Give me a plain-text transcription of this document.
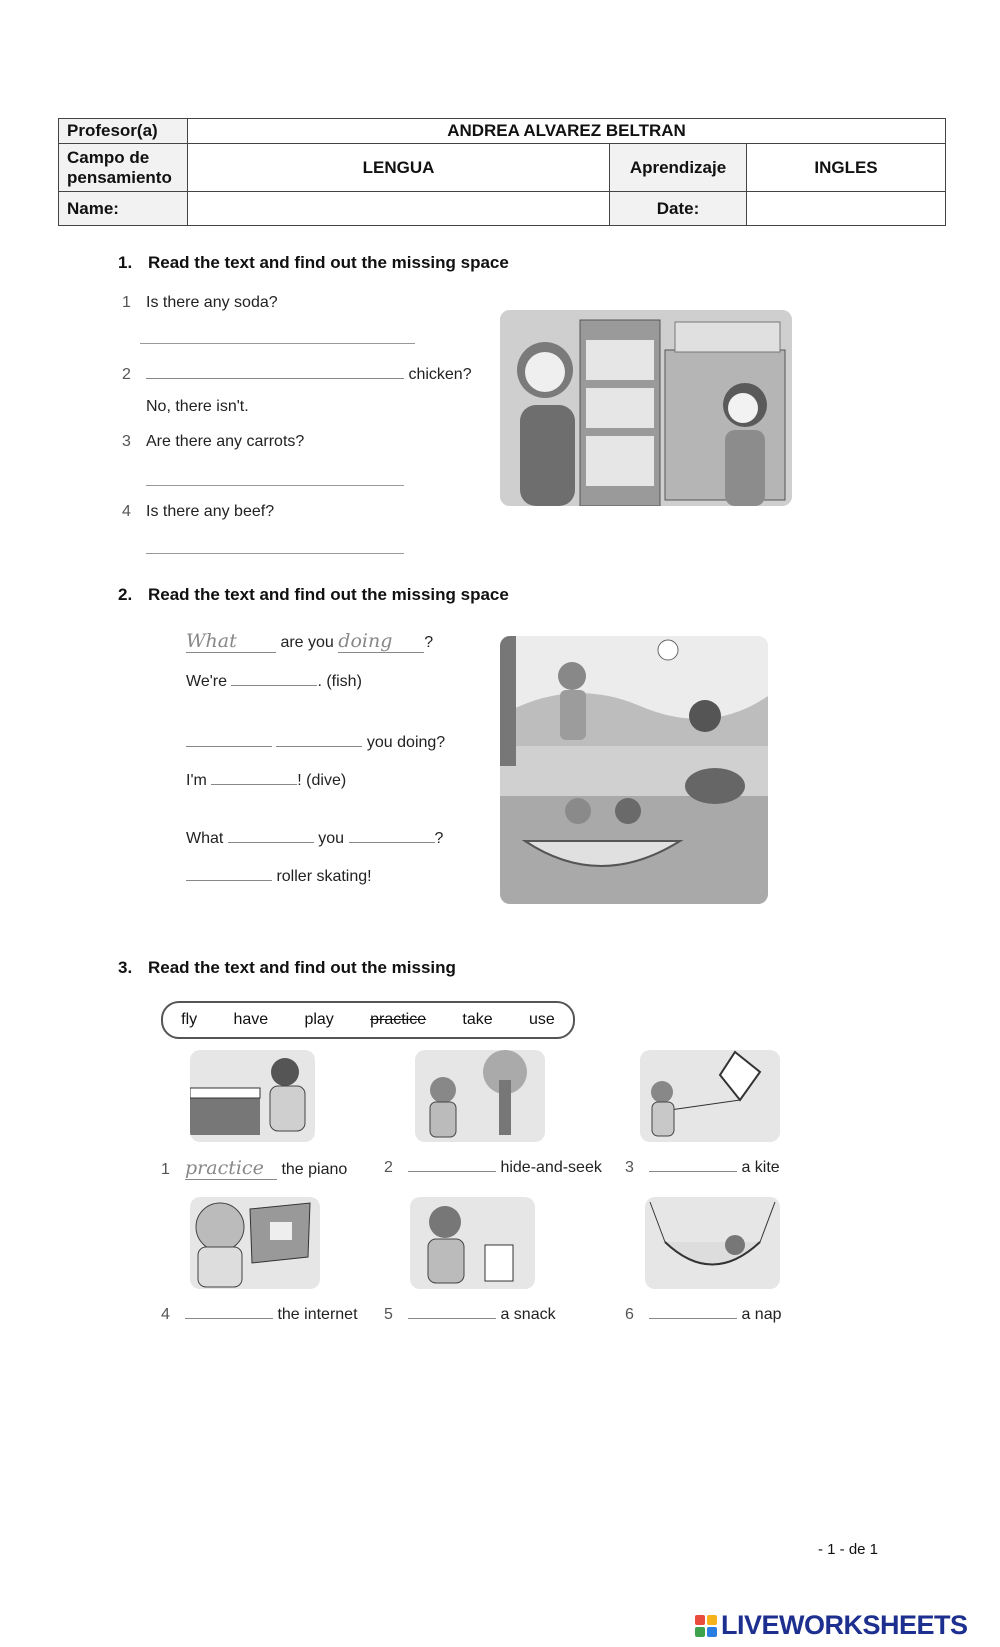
Profesor(a)	ANDREA ALVAREZ BELTRAN		

Campo de
pensamiento	LENGUA	Aprendizaje	INGLES
Name:		Date:	
1. Read the text and find out the missing space
1 Is there any soda?
2	chicken?
No, there isn't.
3 Are there any carrots?
4 Is there any beef?
2. Read the text and find out the missing space
What	are you doing ?
We're	. (fish)
you doing?
I'm	! (dive)
What	you	?
roller skating!
3. Read the text and find out the missing
fly have play practice take use
1 practice the piano 2	hide-and-seek 3	a kite
4	the internet 5	a snack	6	a nap
- 1 - de 1
LIVEWORKSHEETS
